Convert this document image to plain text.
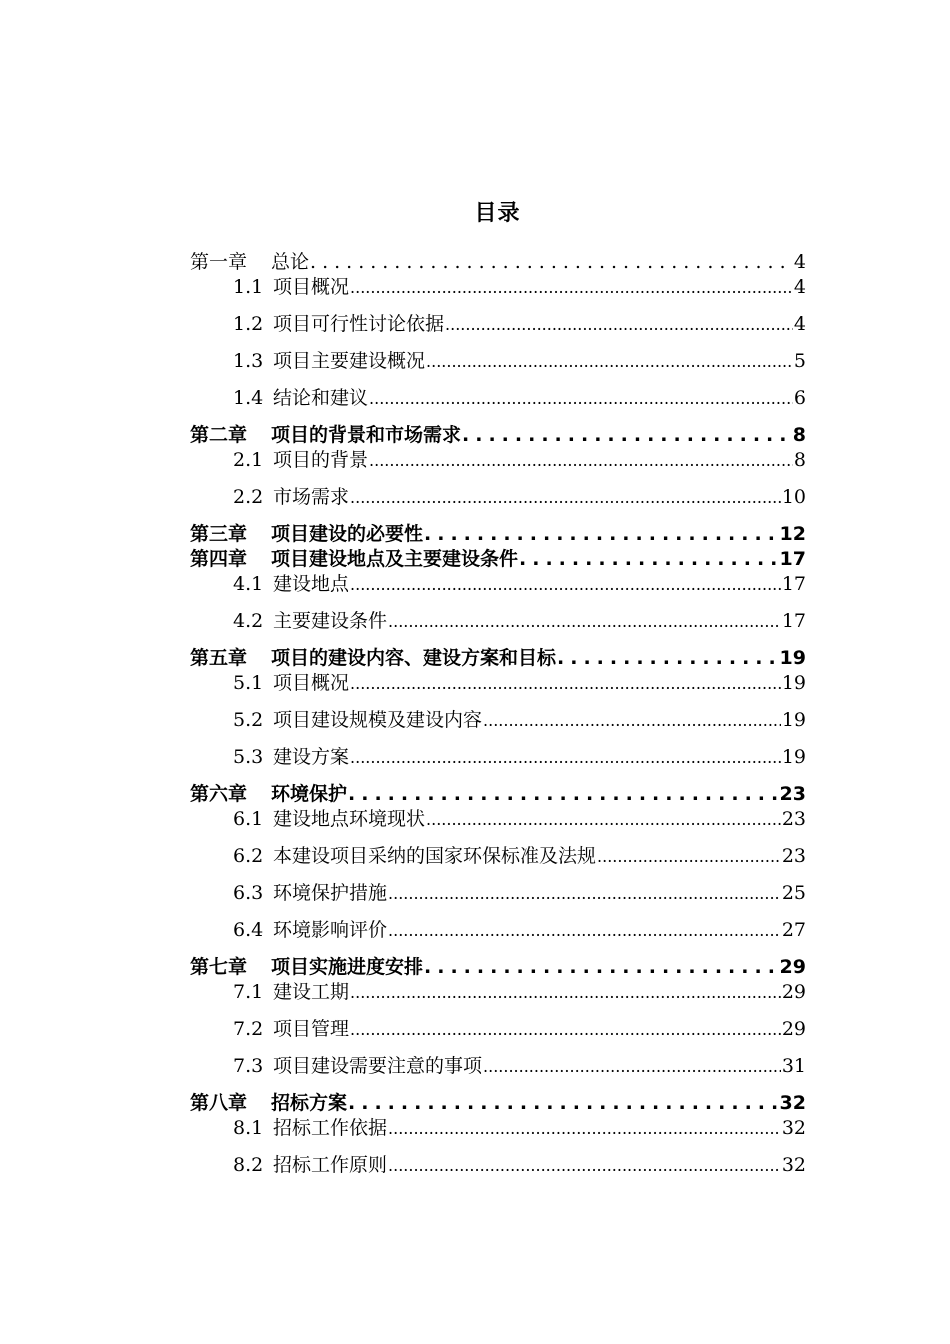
目录
第一章 总论 .....	4
1.1 项目概况 .....	4
1.2 项目可行性讨论依据 .....	4
1.3 项目主要建设概况 .....	5
1.4 结论和建议 .....	6
第二章 项目的背景和市场需求 .....	8
2.1 项目的背景 .....	8
2.2 市场需求 .....	10
第三章 项目建设的必要性 .....	12
第四章 项目建设地点及主要建设条件 .....	17
4.1 建设地点 .....	17
4.2 主要建设条件 .....	17
第五章 项目的建设内容、建设方案和目标 .....	19
5.1 项目概况 .....	19
5.2 项目建设规模及建设内容 .....	19
5.3 建设方案 .....	19
第六章 环境保护 .....	23
6.1 建设地点环境现状 .....	23
6.2 本建设项目采纳的国家环保标准及法规 .....	23
6.3 环境保护措施 .....	25
6.4 环境影响评价 .....	27
第七章 项目实施进度安排 .....	29
7.1 建设工期 .....	29
7.2 项目管理 .....	29
7.3 项目建设需要注意的事项 .....	31
第八章 招标方案 .....	32
8.1 招标工作依据 .....	32
8.2 招标工作原则 .....	32
